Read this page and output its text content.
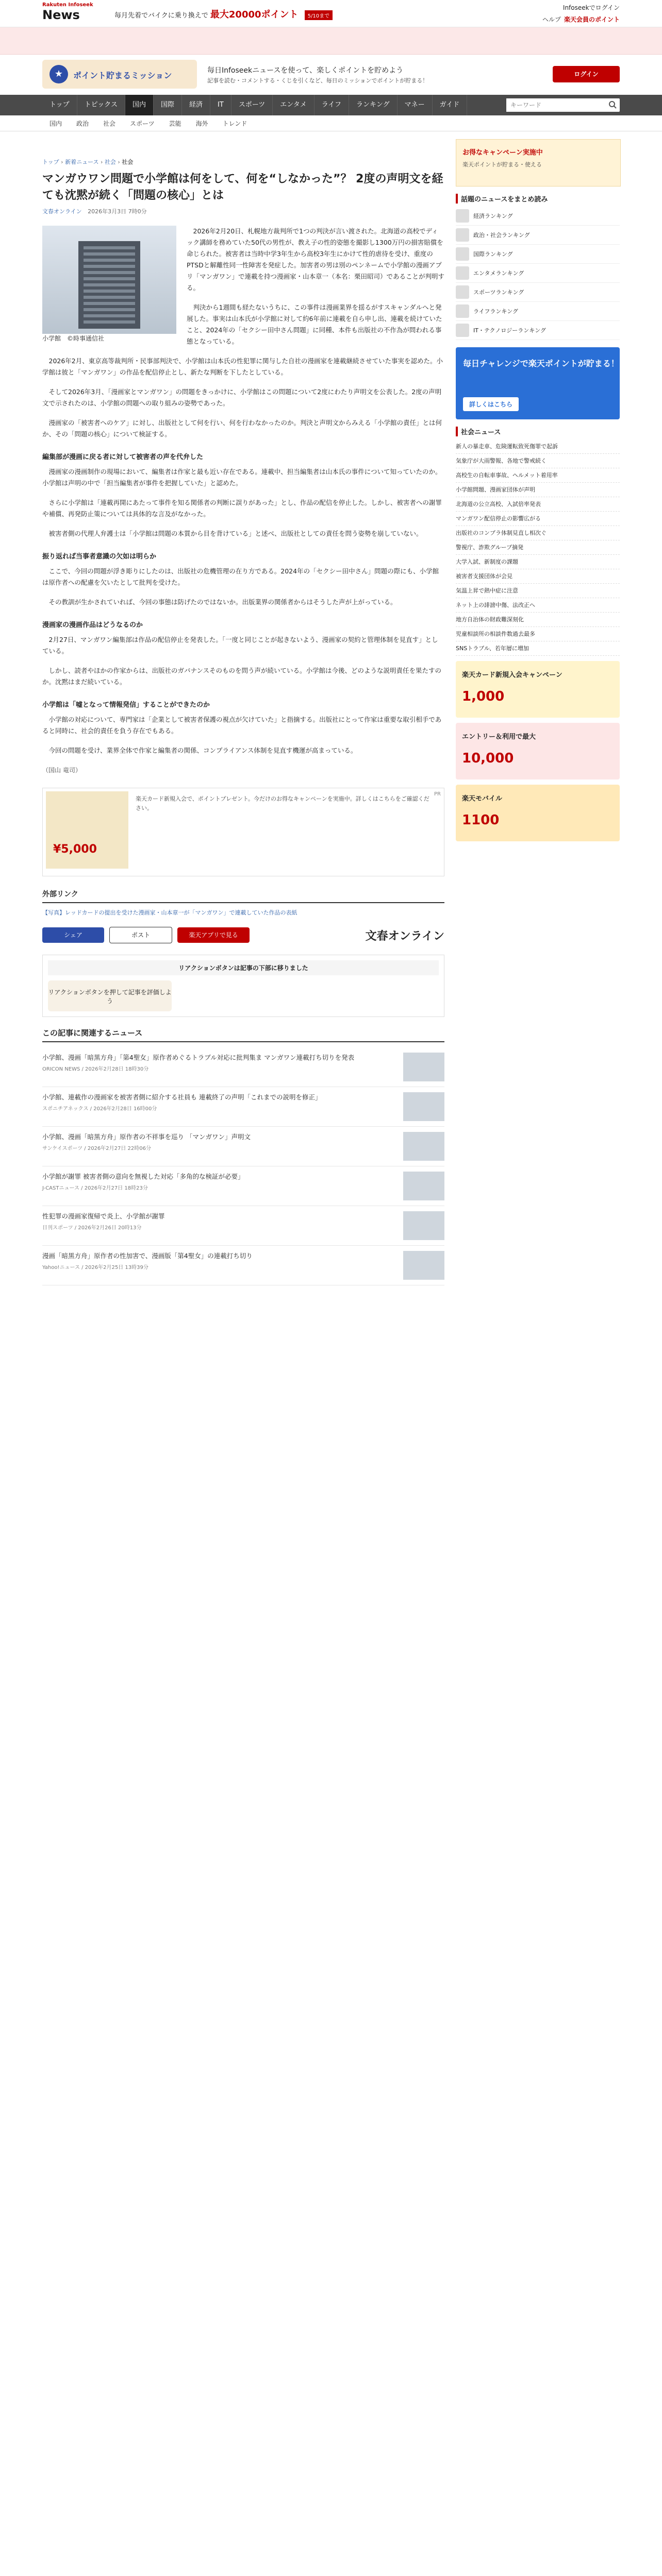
Rakuten Infoseek
News	毎月先着でバイクに乗り換えで 最大20000ポイント 5/10まで
Infoseekでログイン
ヘルプ 楽天会員のポイント
★	ポイント貯まるミッション	毎日Infoseekニュースを使って、楽しくポイントを貯めよう
記事を読む・コメントする・くじを引くなど、毎日のミッションでポイントが貯まる！
ログイン
トップ	トピックス	国内	国際	経済	IT	スポーツ	エンタメ	ライフ	ランキング	マネー	ガイド
キーワード
国内	政治	社会	スポーツ	芸能	海外	トレンド
トップ › 新着ニュース › 社会 › 社会
マンガウワン問題で小学館は何をして、何を“しなかった”？ 2度の声明文を経ても沈黙が続く「問題の核心」とは
文春オンライン 2026年3月3日 7時0分
小学館　©時事通信社

2026年2月20日、札幌地方裁判所で1つの判決が言い渡された。北海道の高校でディック講師を務めていた50代の男性が、教え子の性的姿態を撮影し1300万円の損害賠償を命じられた。被害者は当時中学3年生から高校3年生にかけて性的虐待を受け、重度のPTSDと解離性同一性障害を発症した。加害者の男は別のペンネームで小学館の漫画アプリ「マンガワン」で連載を持つ漫画家・山本章一（本名：栗田昭司）であることが判明する。

判決から1週間も経たないうちに、この事件は漫画業界を揺るがすスキャンダルへと発展した。事実は山本氏が小学館に対して約6年前に連載を自ら申し出、連載を続けていたこと、2024年の「セクシー田中さん問題」に同種、本件も出版社の不作為が問われる事態となっている。

2026年2月、東京高等裁判所・民事部判決で、小学館は山本氏の性犯罪に関与した自社の漫画家を連載継続させていた事実を認めた。小学館は彼と「マンガワン」の作品を配信停止とし、新たな判断を下したとしている。

そして2026年3月、「漫画家とマンガワン」の問題をきっかけに、小学館はこの問題について2度にわたり声明文を公表した。2度の声明文で示されたのは、小学館の問題への取り組みの姿勢であった。

漫画家の「被害者へのケア」に対し、出版社として何を行い、何を行わなかったのか。判決と声明文からみえる「小学館の責任」とは何か、その「問題の核心」について検証する。

編集部が漫画に戻る者に対して被害者の声を代弁した

漫画家の漫画制作の現場において、編集者は作家と最も近い存在である。連載中、担当編集者は山本氏の事件について知っていたのか。小学館は声明の中で「担当編集者が事件を把握していた」と認めた。

さらに小学館は「連載再開にあたって事件を知る関係者の判断に誤りがあった」とし、作品の配信を停止した。しかし、被害者への謝罪や補償、再発防止策については具体的な言及がなかった。

被害者側の代理人弁護士は「小学館は問題の本質から目を背けている」と述べ、出版社としての責任を問う姿勢を崩していない。

振り返れば当事者意識の欠如は明らか

ここで、今回の問題が浮き彫りにしたのは、出版社の危機管理の在り方である。2024年の「セクシー田中さん」問題の際にも、小学館は原作者への配慮を欠いたとして批判を受けた。

その教訓が生かされていれば、今回の事態は防げたのではないか。出版業界の関係者からはそうした声が上がっている。

漫画家の漫画作品はどうなるのか

2月27日、マンガワン編集部は作品の配信停止を発表した。「一度と同じことが起きないよう、漫画家の契約と管理体制を見直す」としている。

しかし、読者やほかの作家からは、出版社のガバナンスそのものを問う声が続いている。小学館は今後、どのような説明責任を果たすのか。沈黙はまだ続いている。

小学館は「嘘となって情報発信」することができたのか

小学館の対応について、専門家は「企業として被害者保護の視点が欠けていた」と指摘する。出版社にとって作家は重要な取引相手であると同時に、社会的責任を負う存在でもある。

今回の問題を受け、業界全体で作家と編集者の関係、コンプライアンス体制を見直す機運が高まっている。

（国山 竜司）
¥5,000
楽天カード新規入会で、ポイントプレゼント。今だけのお得なキャンペーンを実施中。詳しくはこちらをご確認ください。
PR
外部リンク
【写真】レッドカードの提出を受けた漫画家・山本章一が「マンガワン」で連載していた作品の表紙
シェア	ポスト	楽天アプリで見る	文春オンライン
リアクションボタンは記事の下部に移りました
リアクションボタンを押して記事を評価しよう
この記事に関連するニュース
小学館、漫画「暗黒方舟」「第4聖女」原作者めぐるトラブル対応に批判集ま マンガワン連載打ち切りを発表
ORICON NEWS / 2026年2月28日 18時30分
小学館、連載作の漫画家を被害者側に紹介する社員も 連載終了の声明「これまでの説明を修正」
スポニチアネックス / 2026年2月28日 16時00分
小学館、漫画「暗黒方舟」原作者の不祥事を巡り 「マンガワン」声明文
サンケイスポーツ / 2026年2月27日 22時06分
小学館が謝罪 被害者側の意向を無視した対応「多角的な検証が必要」
J-CASTニュース / 2026年2月27日 18時23分
性犯罪の漫画家復帰で炎上、小学館が謝罪
日刊スポーツ / 2026年2月26日 20時13分
漫画「暗黒方舟」原作者の性加害で、漫画版「第4聖女」の連載打ち切り
Yahoo!ニュース / 2026年2月25日 13時39分
お得なキャンペーン実施中
楽天ポイントが貯まる・使える
話題のニュースをまとめ読み
経済ランキング
政治・社会ランキング
国際ランキング
エンタメランキング
スポーツランキング
ライフランキング
IT・テクノロジーランキング
毎日チャレンジで楽天ポイントが貯まる！
詳しくはこちら
社会ニュース
新人の暴走車、危険運転致死傷罪で起訴
気象庁が大雨警報、各地で警戒続く
高校生の自転車事故、ヘルメット着用率
小学館問題、漫画家団体が声明
北海道の公立高校、入試倍率発表
マンガワン配信停止の影響広がる
出版社のコンプラ体制見直し相次ぐ
警視庁、詐欺グループ摘発
大学入試、新制度の課題
被害者支援団体が会見
気温上昇で熱中症に注意
ネット上の誹謗中傷、法改正へ
地方自治体の財政難深刻化
児童相談所の相談件数過去最多
SNSトラブル、若年層に増加
楽天カード新規入会キャンペーン
1,000
エントリー＆利用で最大
10,000
楽天モバイル
1100
